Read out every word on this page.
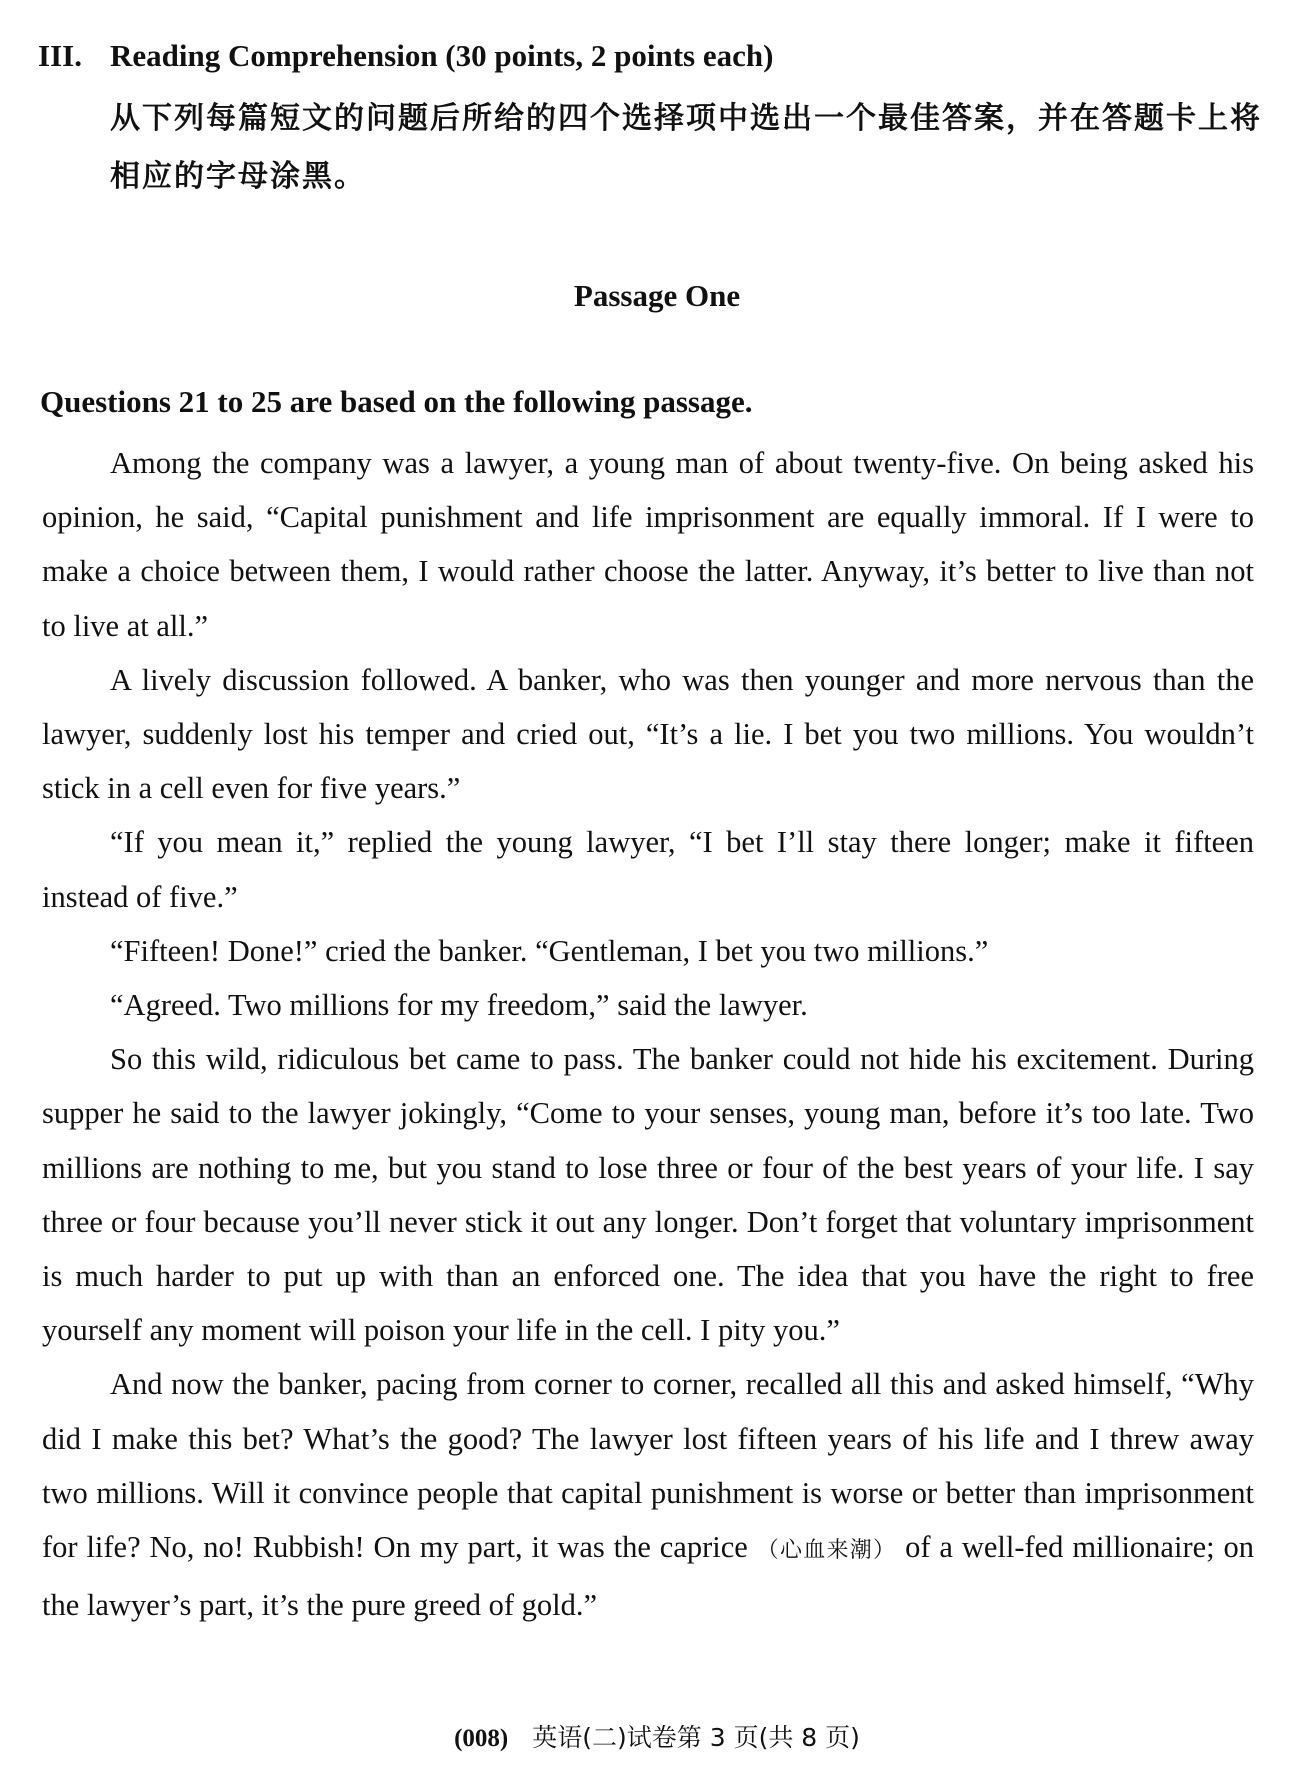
III. Reading Comprehension (30 points, 2 points each)
从下列每篇短文的问题后所给的四个选择项中选出一个最佳答案，并在答题卡上将相应的字母涂黑。
Passage One
Questions 21 to 25 are based on the following passage.

Among the company was a lawyer, a young man of about twenty-five. On being asked his opinion, he said, “Capital punishment and life imprisonment are equally immoral. If I were to make a choice between them, I would rather choose the latter. Anyway, it’s better to live than not to live at all.”

A lively discussion followed. A banker, who was then younger and more nervous than the lawyer, suddenly lost his temper and cried out, “It’s a lie. I bet you two millions. You wouldn’t stick in a cell even for five years.”

“If you mean it,” replied the young lawyer, “I bet I’ll stay there longer; make it fifteen instead of five.”

“Fifteen! Done!” cried the banker. “Gentleman, I bet you two millions.”

“Agreed. Two millions for my freedom,” said the lawyer.

So this wild, ridiculous bet came to pass. The banker could not hide his excitement. During supper he said to the lawyer jokingly, “Come to your senses, young man, before it’s too late. Two millions are nothing to me, but you stand to lose three or four of the best years of your life. I say three or four because you’ll never stick it out any longer. Don’t forget that voluntary imprisonment is much harder to put up with than an enforced one. The idea that you have the right to free yourself any moment will poison your life in the cell. I pity you.”

And now the banker, pacing from corner to corner, recalled all this and asked himself, “Why did I make this bet? What’s the good? The lawyer lost fifteen years of his life and I threw away two millions. Will it convince people that capital punishment is worse or better than imprisonment for life? No, no! Rubbish! On my part, it was the caprice （心血来潮） of a well-fed millionaire; on the lawyer’s part, it’s the pure greed of gold.”

(008) 英语(二)试卷第 3 页(共 8 页)
